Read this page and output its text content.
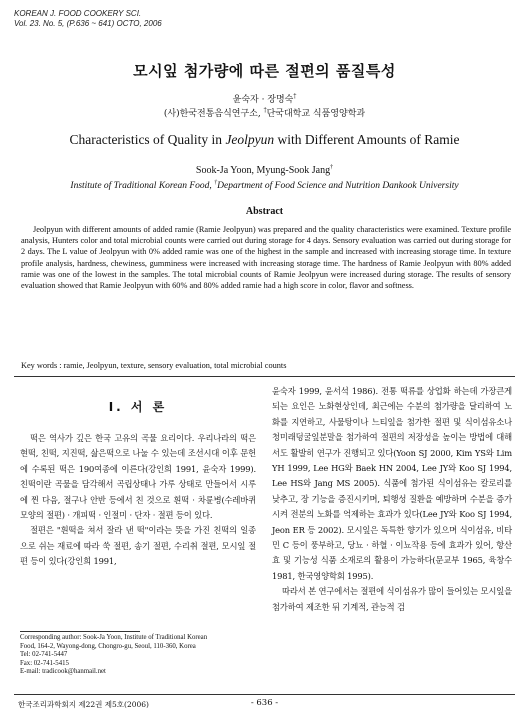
KOREAN J. FOOD COOKERY SCI.
Vol. 23. No. 5, (P.636 ~ 641) OCTO, 2006
모시잎 첨가량에 따른 절편의 품질특성
윤숙자 · 장명숙†
(사)한국전통음식연구소, †단국대학교 식품영양학과
Characteristics of Quality in Jeolpyun with Different Amounts of Ramie
Sook-Ja Yoon, Myung-Sook Jang†
Institute of Traditional Korean Food, †Department of Food Science and Nutrition Dankook University
Abstract
Jeolpyun with different amounts of added ramie (Ramie Jeolpyun) was prepared and the quality characteristics were examined. Texture profile analysis, Hunters color and total microbial counts were carried out during storage for 4 days. Sensory evaluation was carried out during storage for 2 days. The L value of Jeolpyun with 0% added ramie was one of the highest in the sample and increased with increasing storage time. In texture profile analysis, hardness, chewiness, gumminess were increased with increasing storage time. The hardness of Ramie Jeolpyun with 80% added ramie was one of the lowest in the samples. The total microbial counts of Ramie Jeolpyun were increased during storage. The results of sensory evaluation showed that Ramie Jeolpyun with 60% and 80% added ramie had a high score in color, flavor and softness.
Key words : ramie, Jeolpyun, texture, sensory evaluation, total microbial counts
I. 서 론

떡은 역사가 깊은 한국 고유의 곡물 요리이다. 우리나라의 떡은 현떡, 친떡, 지진떡, 삶은떡으로 나눌 수 있는데 조선시대 이후 문헌에 수록된 떡은 190여종에 이른다(강인희 1991, 윤숙자 1999). 친떡이란 곡물을 담각해서 곡립상태나 가루 상태로 만들어서 시루에 찐 다음, 절구나 안반 등에서 친 것으로 흰떡 · 차륜병(수레바퀴모양의 절편) · 개피떡 · 인절미 · 단자 · 절편 등이 있다.

절편은 "흰떡을 쳐서 잘라 낸 떡"이라는 뜻을 가진 친떡의 일종으로 쉬는 재료에 따라 쑥 절편, 송기 절편, 수리취 절편, 모시잎 절편 등이 있다(강인희 1991,

윤숙자 1999, 윤서석 1986). 전통 떡류를 상업화 하는데 가장큰게 되는 요인은 노화현상인데, 최근에는 수분의 첨가량을 달리하여 노화를 지연하고, 사물탕이나 느티잎을 첨가한 절편 및 식이섬유소나 청미래덩굴잎분말을 첨가하여 절편의 저장성을 높이는 방법에 대해서도 활발히 연구가 진행되고 있다(Yoon SJ 2000, Kim YS와 Lim YH 1999, Lee HG와 Baek HN 2004, Lee JY와 Koo SJ 1994, Lee HS와 Jang MS 2005). 식품에 첨가된 식이섬유는 칼로리를 낮추고, 장 기능을 증진시키며, 퇴행성 질환을 예방하며 수분을 증가시켜 전분의 노화를 억제하는 효과가 있다(Lee JY와 Koo SJ 1994, Jeon ER 등 2002). 모시잎은 독특한 향기가 있으며 식이섬유, 비타민 C 등이 풍부하고, 당뇨 · 하혈 · 이뇨작용 등에 효과가 있어, 항산효 및 기능성 식품 소재로의 활용이 가능하다(문교부 1965, 육창수 1981, 한국영양학회 1995).

따라서 본 연구에서는 절편에 식이섬유가 많이 들어있는 모시잎을 첨가하여 제조한 뒤 기계적, 관능적 검

Corresponding author: Sook-Ja Yoon, Institute of Traditional Korean
Food, 164-2, Wayong-dong, Chongro-gu, Seoul, 110-360, Korea
Tel: 02-741-5447
Fax: 02-741-5415
E-mail: tradicook@hanmail.net
한국조리과학회지 제22권 제5호(2006)	- 636 -
